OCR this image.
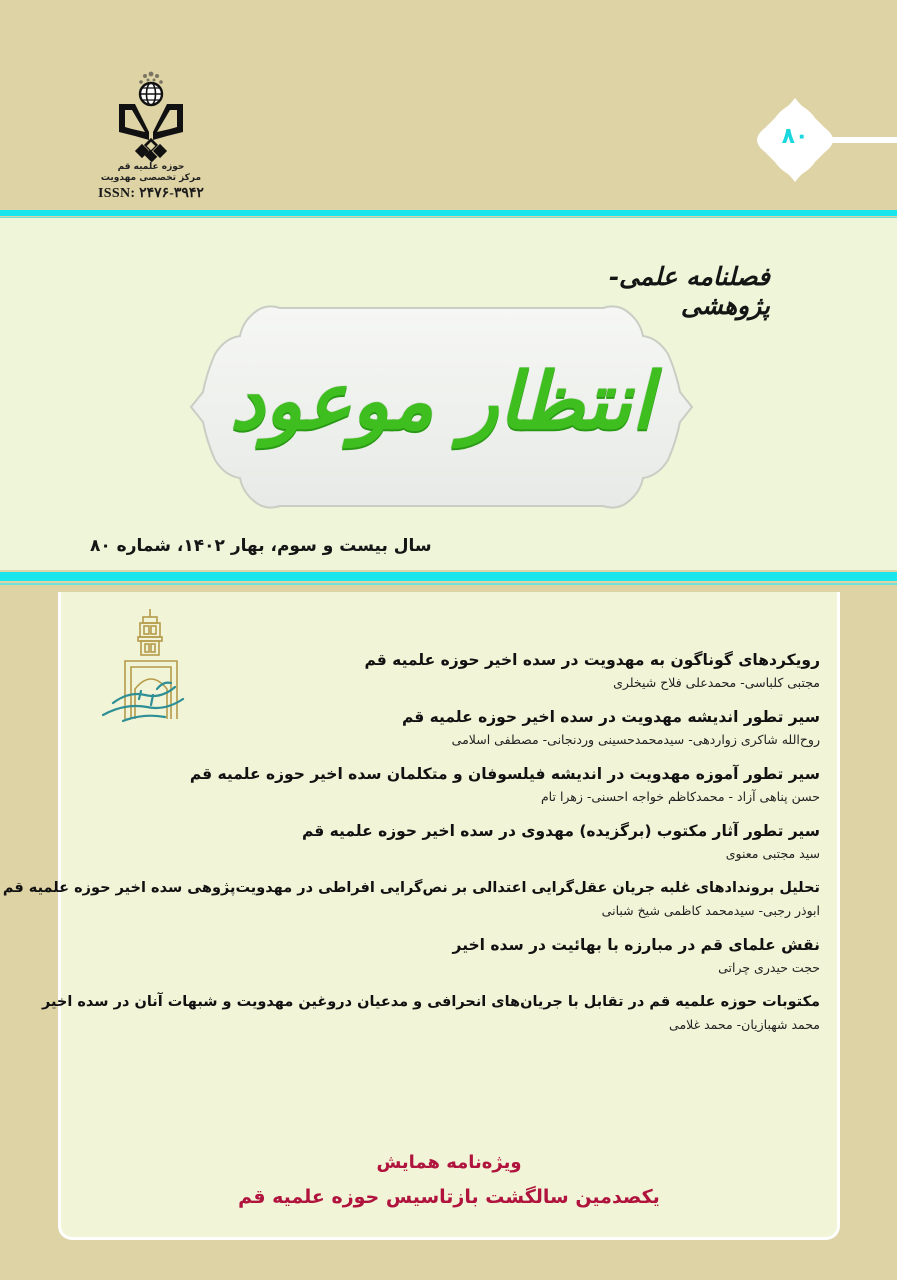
حوزه علمیه قم
مرکز تخصصی مهدویت
ISSN: ۲۴۷۶-۳۹۴۲
۸۰
فصلنامه علمی- پژوهشی
انتظار موعود
سال بیست و سوم، بهار ۱۴۰۲، شماره ۸۰
رویکردهای گوناگون به مهدویت در سده اخیر حوزه علمیه قم
مجتبی کلباسی- محمدعلی فلاح شیخلری
سیر تطور اندیشه مهدویت در سده اخیر حوزه علمیه قم
روح‌الله شاکری زواردهی- سیدمحمدحسینی وردنجانی- مصطفی اسلامی
سیر تطور آموزه مهدویت در اندیشه فیلسوفان و متکلمان سده اخیر حوزه علمیه قم
حسن پناهی آزاد - محمدکاظم خواجه احسنی- زهرا تام
سیر تطور آثار مکتوب (برگزیده) مهدوی در سده اخیر حوزه علمیه قم
سید مجتبی معنوی
تحلیل بروندادهای غلبه جریان عقل‌گرایی اعتدالی بر نص‌گرایی افراطی در مهدویت‌پژوهی سده اخیر حوزه علمیه قم
ابوذر رجبی- سیدمحمد کاظمی شیخ شبانی
نقش علمای قم در مبارزه با بهائیت در سده اخیر
حجت حیدری چراتی
مکتوبات حوزه علمیه قم در تقابل با جریان‌های انحرافی و مدعیان دروغین مهدویت و شبهات آنان در سده اخیر
محمد شهبازیان- محمد غلامی
ویژه‌نامه همایش
یکصدمین سالگشت بازتاسیس حوزه علمیه قم
